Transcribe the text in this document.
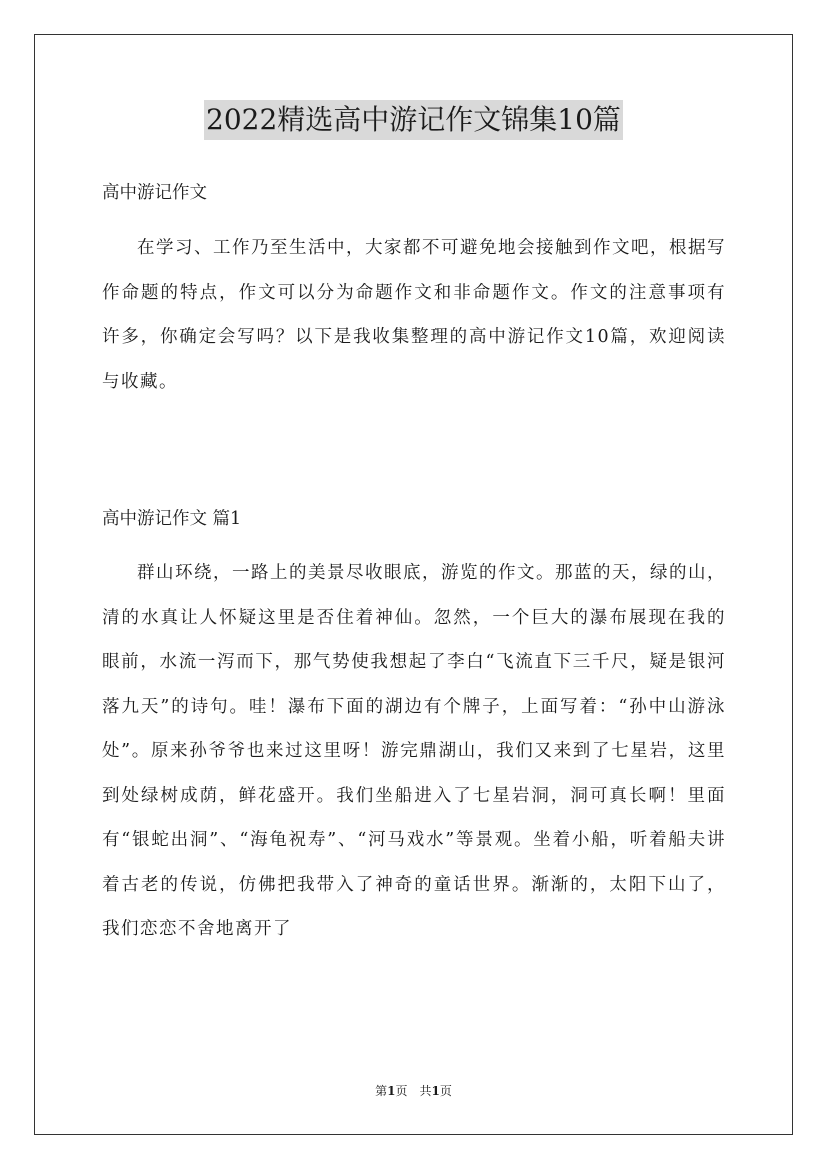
2022精选高中游记作文锦集10篇
高中游记作文
在学习、工作乃至生活中，大家都不可避免地会接触到作文吧，根据写作命题的特点，作文可以分为命题作文和非命题作文。作文的注意事项有许多，你确定会写吗？以下是我收集整理的高中游记作文10篇，欢迎阅读与收藏。
高中游记作文 篇1
群山环绕，一路上的美景尽收眼底，游览的作文。那蓝的天，绿的山，清的水真让人怀疑这里是否住着神仙。忽然，一个巨大的瀑布展现在我的眼前，水流一泻而下，那气势使我想起了李白“飞流直下三千尺，疑是银河落九天”的诗句。哇！瀑布下面的湖边有个牌子，上面写着：“孙中山游泳处”。原来孙爷爷也来过这里呀！游完鼎湖山，我们又来到了七星岩，这里到处绿树成荫，鲜花盛开。我们坐船进入了七星岩洞，洞可真长啊！里面有“银蛇出洞”、“海龟祝寿”、“河马戏水”等景观。坐着小船，听着船夫讲着古老的传说，仿佛把我带入了神奇的童话世界。渐渐的，太阳下山了，我们恋恋不舍地离开了
第1页　共1页
